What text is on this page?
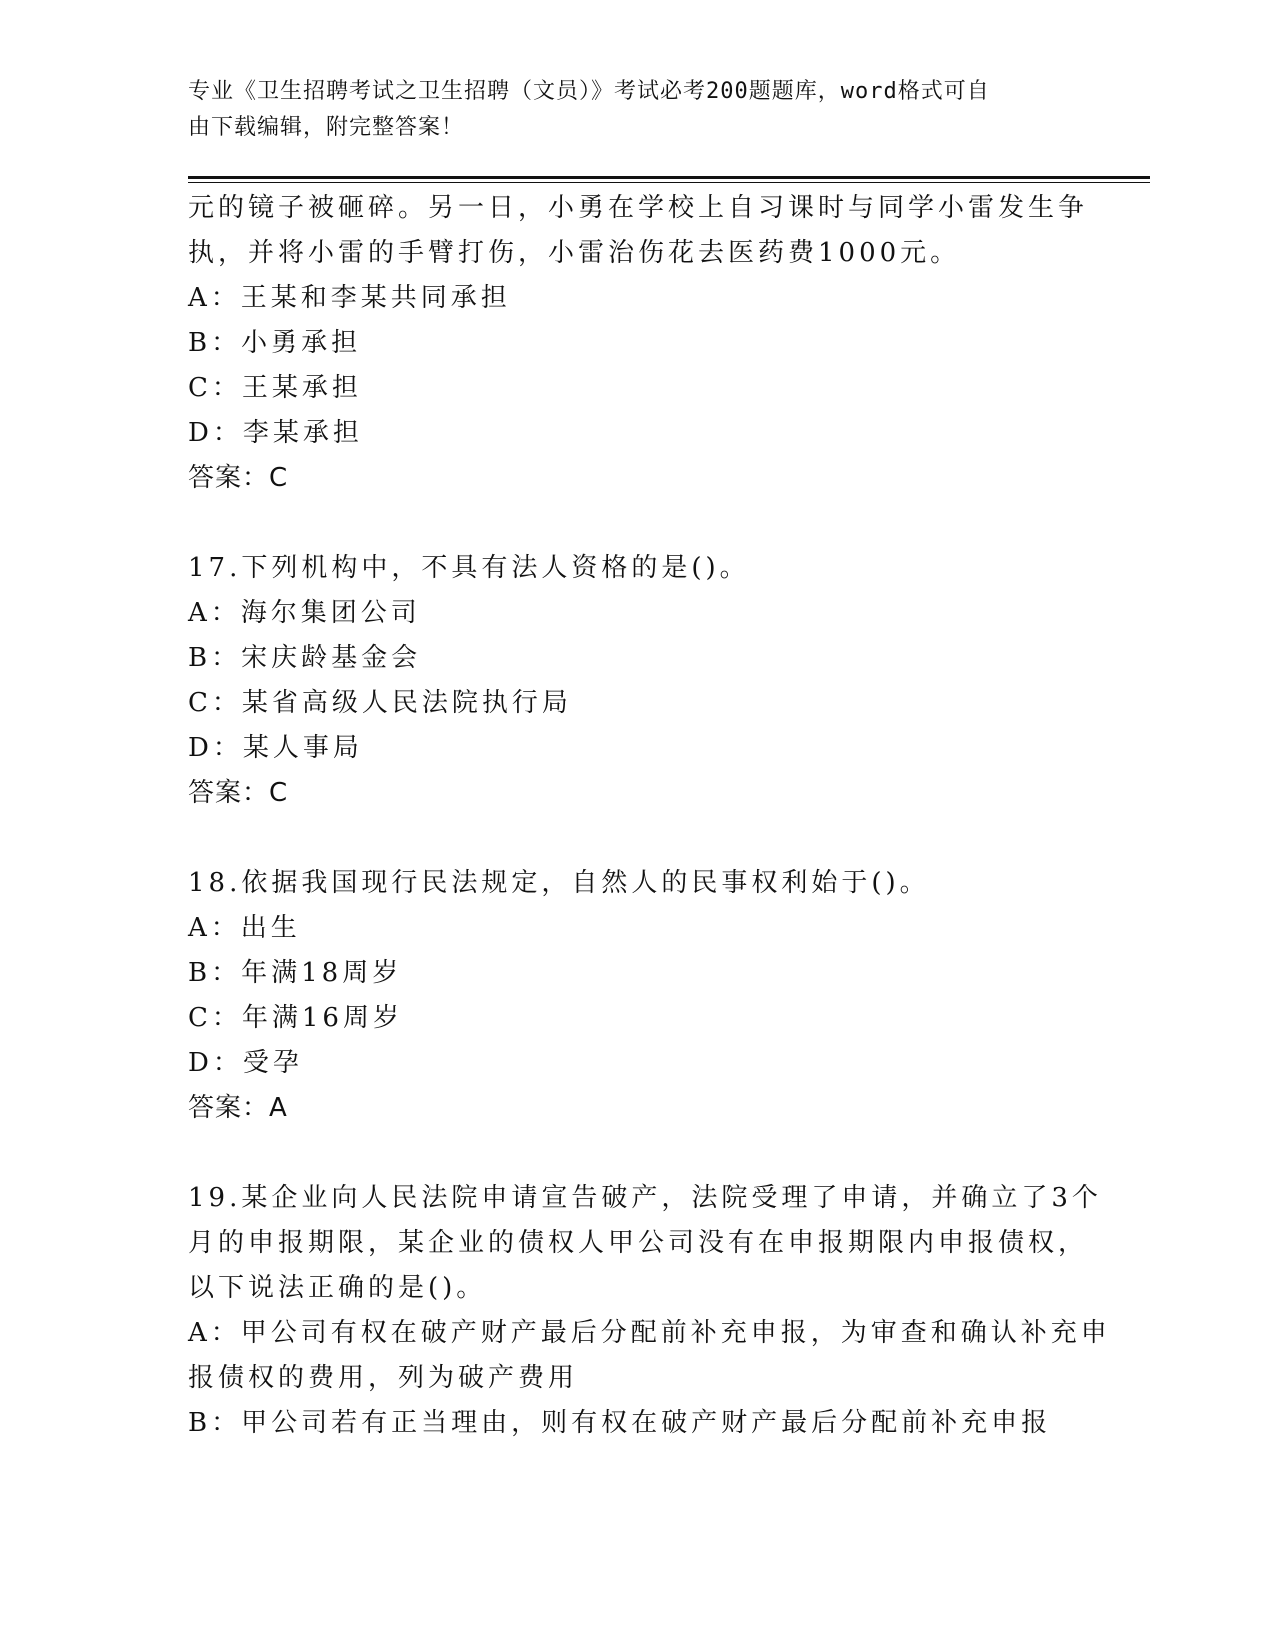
专业《卫生招聘考试之卫生招聘（文员）》考试必考200题题库，word格式可自
由下载编辑，附完整答案！
元的镜子被砸碎。另一日，小勇在学校上自习课时与同学小雷发生争
执，并将小雷的手臂打伤，小雷治伤花去医药费1000元。
A：王某和李某共同承担
B：小勇承担
C：王某承担
D：李某承担
答案：C
17.下列机构中，不具有法人资格的是()。
A：海尔集团公司
B：宋庆龄基金会
C：某省高级人民法院执行局
D：某人事局
答案：C
18.依据我国现行民法规定，自然人的民事权利始于()。
A：出生
B：年满18周岁
C：年满16周岁
D：受孕
答案：A
19.某企业向人民法院申请宣告破产，法院受理了申请，并确立了3个
月的申报期限，某企业的债权人甲公司没有在申报期限内申报债权，
以下说法正确的是()。
A：甲公司有权在破产财产最后分配前补充申报，为审查和确认补充申
报债权的费用，列为破产费用
B：甲公司若有正当理由，则有权在破产财产最后分配前补充申报
